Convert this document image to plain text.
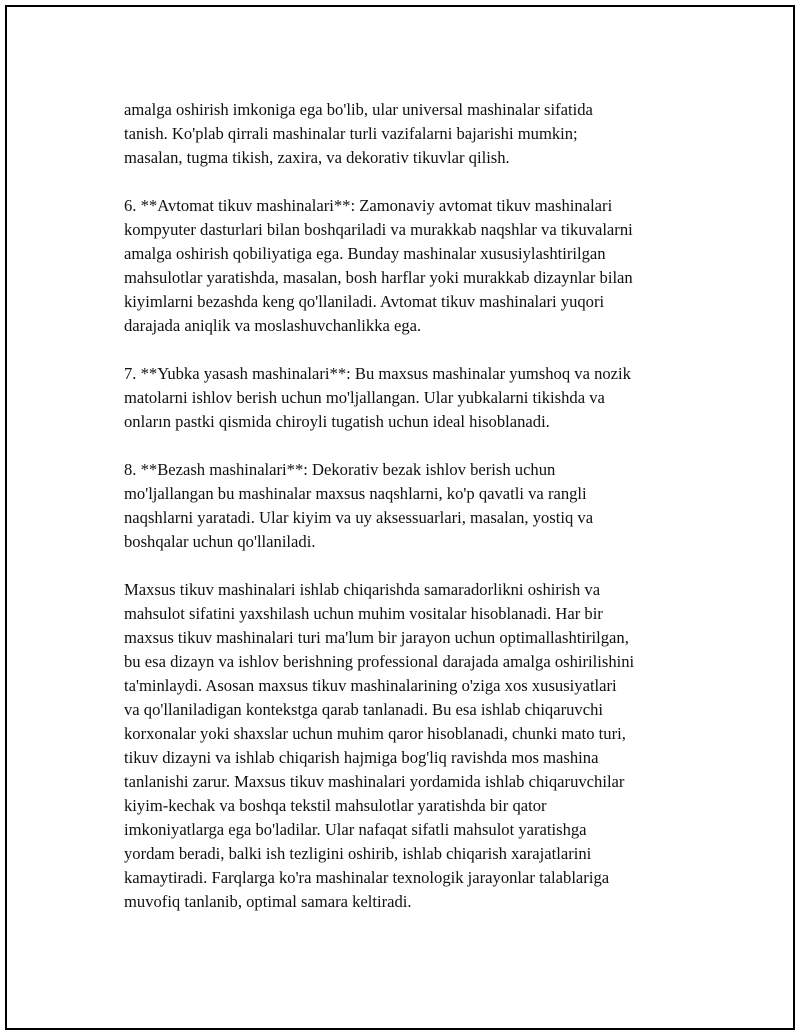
amalga oshirish imkoniga ega bo'lib, ular universal mashinalar sifatida
tanish. Ko'plab qirrali mashinalar turli vazifalarni bajarishi mumkin;
masalan, tugma tikish, zaxira, va dekorativ tikuvlar qilish.

6. **Avtomat tikuv mashinalari**: Zamonaviy avtomat tikuv mashinalari
kompyuter dasturlari bilan boshqariladi va murakkab naqshlar va tikuvalarni
amalga oshirish qobiliyatiga ega. Bunday mashinalar xususiylashtirilgan
mahsulotlar yaratishda, masalan, bosh harflar yoki murakkab dizaynlar bilan
kiyimlarni bezashda keng qo'llaniladi. Avtomat tikuv mashinalari yuqori
darajada aniqlik va moslashuvchanlikka ega.

7. **Yubka yasash mashinalari**: Bu maxsus mashinalar yumshoq va nozik
matolarni ishlov berish uchun mo'ljallangan. Ular yubkalarni tikishda va
onların pastki qismida chiroyli tugatish uchun ideal hisoblanadi.

8. **Bezash mashinalari**: Dekorativ bezak ishlov berish uchun
mo'ljallangan bu mashinalar maxsus naqshlarni, ko'p qavatli va rangli
naqshlarni yaratadi. Ular kiyim va uy aksessuarlari, masalan, yostiq va
boshqalar uchun qo'llaniladi.

Maxsus tikuv mashinalari ishlab chiqarishda samaradorlikni oshirish va
mahsulot sifatini yaxshilash uchun muhim vositalar hisoblanadi. Har bir
maxsus tikuv mashinalari turi ma'lum bir jarayon uchun optimallashtirilgan,
bu esa dizayn va ishlov berishning professional darajada amalga oshirilishini
ta'minlaydi. Asosan maxsus tikuv mashinalarining o'ziga xos xususiyatlari
va qo'llaniladigan kontekstga qarab tanlanadi. Bu esa ishlab chiqaruvchi
korxonalar yoki shaxslar uchun muhim qaror hisoblanadi, chunki mato turi,
tikuv dizayni va ishlab chiqarish hajmiga bog'liq ravishda mos mashina
tanlanishi zarur. Maxsus tikuv mashinalari yordamida ishlab chiqaruvchilar
kiyim-kechak va boshqa tekstil mahsulotlar yaratishda bir qator
imkoniyatlarga ega bo'ladilar. Ular nafaqat sifatli mahsulot yaratishga
yordam beradi, balki ish tezligini oshirib, ishlab chiqarish xarajatlarini
kamaytiradi. Farqlarga ko'ra mashinalar texnologik jarayonlar talablariga
muvofiq tanlanib, optimal samara keltiradi.
